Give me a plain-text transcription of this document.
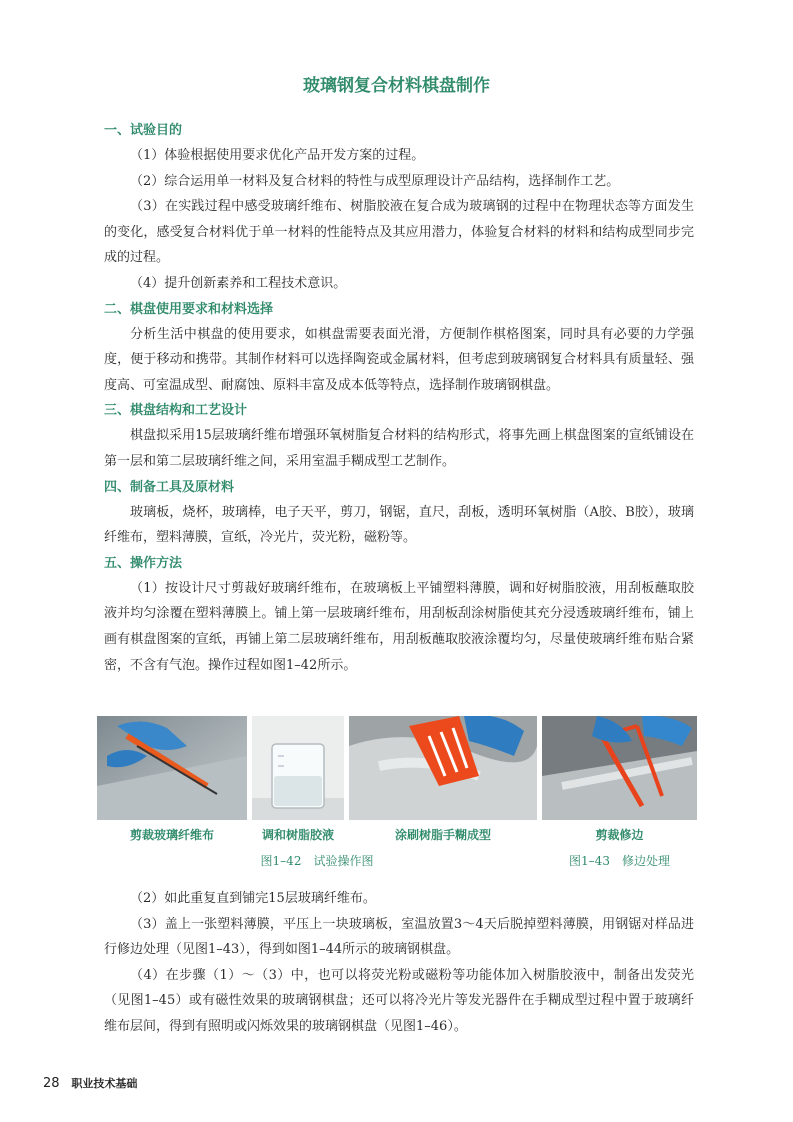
玻璃钢复合材料棋盘制作
一、试验目的

（1）体验根据使用要求优化产品开发方案的过程。

（2）综合运用单一材料及复合材料的特性与成型原理设计产品结构，选择制作工艺。

（3）在实践过程中感受玻璃纤维布、树脂胶液在复合成为玻璃钢的过程中在物理状态等方面发生的变化，感受复合材料优于单一材料的性能特点及其应用潜力，体验复合材料的材料和结构成型同步完成的过程。

（4）提升创新素养和工程技术意识。

二、棋盘使用要求和材料选择

分析生活中棋盘的使用要求，如棋盘需要表面光滑，方便制作棋格图案，同时具有必要的力学强度，便于移动和携带。其制作材料可以选择陶瓷或金属材料，但考虑到玻璃钢复合材料具有质量轻、强度高、可室温成型、耐腐蚀、原料丰富及成本低等特点，选择制作玻璃钢棋盘。

三、棋盘结构和工艺设计

棋盘拟采用15层玻璃纤维布增强环氧树脂复合材料的结构形式，将事先画上棋盘图案的宣纸铺设在第一层和第二层玻璃纤维之间，采用室温手糊成型工艺制作。

四、制备工具及原材料

玻璃板，烧杯，玻璃棒，电子天平，剪刀，钢锯，直尺，刮板，透明环氧树脂（A胶、B胶），玻璃纤维布，塑料薄膜，宣纸，冷光片，荧光粉，磁粉等。

五、操作方法

（1）按设计尺寸剪裁好玻璃纤维布，在玻璃板上平铺塑料薄膜，调和好树脂胶液，用刮板蘸取胶液并均匀涂覆在塑料薄膜上。铺上第一层玻璃纤维布，用刮板刮涂树脂使其充分浸透玻璃纤维布，铺上画有棋盘图案的宣纸，再铺上第二层玻璃纤维布，用刮板蘸取胶液涂覆均匀，尽量使玻璃纤维布贴合紧密，不含有气泡。操作过程如图1–42所示。

剪裁玻璃纤维布	调和树脂胶液	涂刷树脂手糊成型	剪裁修边
图1–42　试验操作图	图1–43　修边处理

（2）如此重复直到铺完15层玻璃纤维布。

（3）盖上一张塑料薄膜，平压上一块玻璃板，室温放置3～4天后脱掉塑料薄膜，用钢锯对样品进行修边处理（见图1–43），得到如图1–44所示的玻璃钢棋盘。

（4）在步骤（1）～（3）中，也可以将荧光粉或磁粉等功能体加入树脂胶液中，制备出发荧光（见图1–45）或有磁性效果的玻璃钢棋盘；还可以将冷光片等发光器件在手糊成型过程中置于玻璃纤维布层间，得到有照明或闪烁效果的玻璃钢棋盘（见图1–46）。

28 职业技术基础
